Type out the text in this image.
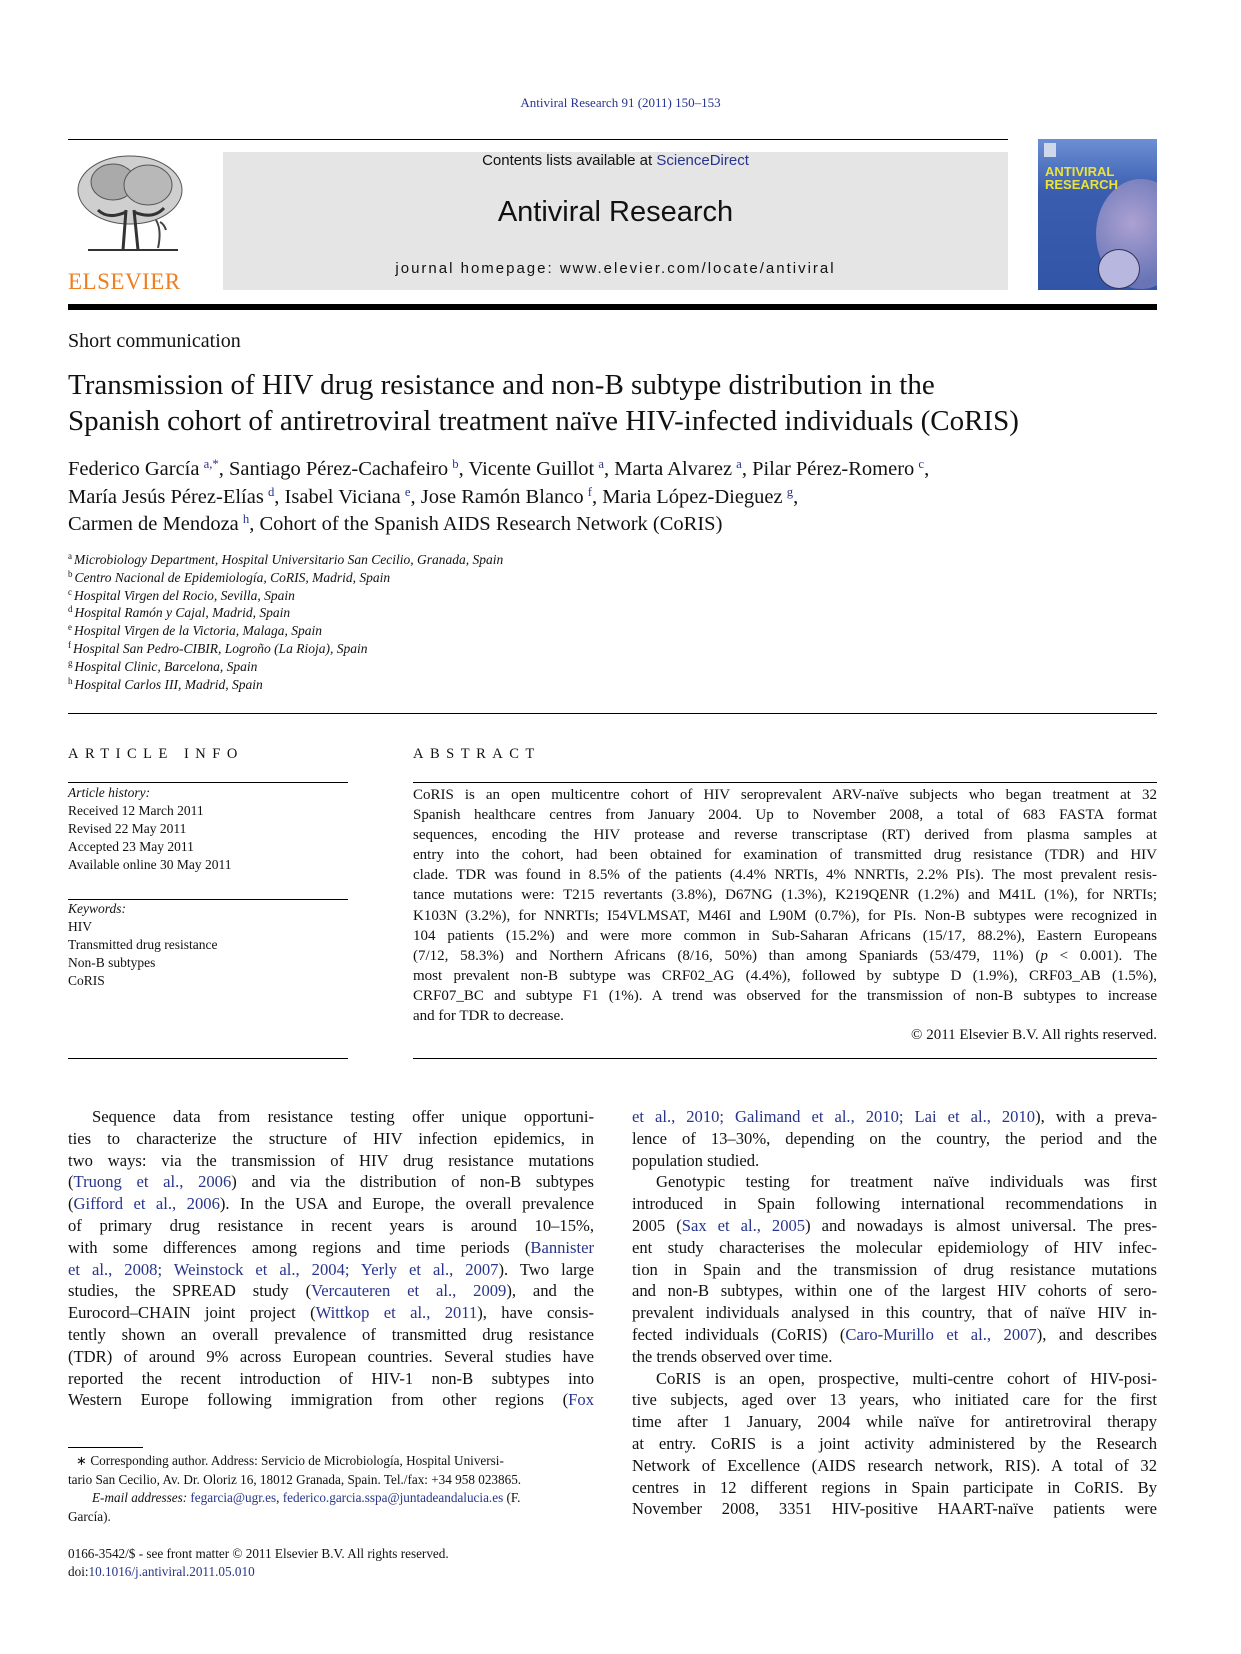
Antiviral Research 91 (2011) 150–153
ELSEVIER
Contents lists available at ScienceDirect
Antiviral Research
journal homepage: www.elevier.com/locate/antiviral
ANTIVIRAL
RESEARCH
Short communication
Transmission of HIV drug resistance and non-B subtype distribution in the
Spanish cohort of antiretroviral treatment naïve HIV-infected individuals (CoRIS)
Federico García  $^{a,*}$, Santiago Pérez-Cachafeiro  $^b$, Vicente Guillot  $^a$, Marta Alvarez  $^a$, Pilar Pérez-Romero  $^c$,
María Jesús Pérez-Elías  $^d$, Isabel Viciana  $^e$, Jose Ramón Blanco  $^f$, Maria López-Dieguez  $^g$,
Carmen de Mendoza  $^h$, Cohort of the Spanish AIDS Research Network (CoRIS)
$^a$ Microbiology Department, Hospital Universitario San Cecilio, Granada, Spain
$^b$ Centro Nacional de Epidemiología, CoRIS, Madrid, Spain
$^c$ Hospital Virgen del Rocio, Sevilla, Spain
$^d$ Hospital Ramón y Cajal, Madrid, Spain
$^e$ Hospital Virgen de la Victoria, Malaga, Spain
$^f$ Hospital San Pedro-CIBIR, Logroño (La Rioja), Spain
$^g$ Hospital Clinic, Barcelona, Spain
$^h$ Hospital Carlos III, Madrid, Spain
ARTICLE INFO
Article history:
Received 12 March 2011
Revised 22 May 2011
Accepted 23 May 2011
Available online 30 May 2011
Keywords:
HIV
Transmitted drug resistance
Non-B subtypes
CoRIS
ABSTRACT
CoRIS is an open multicentre cohort of HIV seroprevalent ARV-naïve subjects who began treatment at 32
Spanish healthcare centres from January 2004. Up to November 2008, a total of 683 FASTA format
sequences, encoding the HIV protease and reverse transcriptase (RT) derived from plasma samples at
entry into the cohort, had been obtained for examination of transmitted drug resistance (TDR) and HIV
clade. TDR was found in 8.5% of the patients (4.4% NRTIs, 4% NNRTIs, 2.2% PIs). The most prevalent resis-
tance mutations were: T215 revertants (3.8%), D67NG (1.3%), K219QENR (1.2%) and M41L (1%), for NRTIs;
K103N (3.2%), for NNRTIs; I54VLMSAT, M46I and L90M (0.7%), for PIs. Non-B subtypes were recognized in
104 patients (15.2%) and were more common in Sub-Saharan Africans (15/17, 88.2%), Eastern Europeans
(7/12, 58.3%) and Northern Africans (8/16, 50%) than among Spaniards (53/479, 11%) (p < 0.001). The
most prevalent non-B subtype was CRF02_AG (4.4%), followed by subtype D (1.9%), CRF03_AB (1.5%),
CRF07_BC and subtype F1 (1%). A trend was observed for the transmission of non-B subtypes to increase
and for TDR to decrease.
© 2011 Elsevier B.V. All rights reserved.
Sequence data from resistance testing offer unique opportuni-
ties to characterize the structure of HIV infection epidemics, in
two ways: via the transmission of HIV drug resistance mutations
(Truong et al., 2006) and via the distribution of non-B subtypes
(Gifford et al., 2006). In the USA and Europe, the overall prevalence
of primary drug resistance in recent years is around 10–15%,
with some differences among regions and time periods (Bannister
et al., 2008; Weinstock et al., 2004; Yerly et al., 2007). Two large
studies, the SPREAD study (Vercauteren et al., 2009), and the
Eurocord–CHAIN joint project (Wittkop et al., 2011), have consis-
tently shown an overall prevalence of transmitted drug resistance
(TDR) of around 9% across European countries. Several studies have
reported the recent introduction of HIV-1 non-B subtypes into
Western Europe following immigration from other regions (Fox
et al., 2010; Galimand et al., 2010; Lai et al., 2010), with a preva-
lence of 13–30%, depending on the country, the period and the
population studied.
Genotypic testing for treatment naïve individuals was first
introduced in Spain following international recommendations in
2005 (Sax et al., 2005) and nowadays is almost universal. The pres-
ent study characterises the molecular epidemiology of HIV infec-
tion in Spain and the transmission of drug resistance mutations
and non-B subtypes, within one of the largest HIV cohorts of sero-
prevalent individuals analysed in this country, that of naïve HIV in-
fected individuals (CoRIS) (Caro-Murillo et al., 2007), and describes
the trends observed over time.
CoRIS is an open, prospective, multi-centre cohort of HIV-posi-
tive subjects, aged over 13 years, who initiated care for the first
time after 1 January, 2004 while naïve for antiretroviral therapy
at entry. CoRIS is a joint activity administered by the Research
Network of Excellence (AIDS research network, RIS). A total of 32
centres in 12 different regions in Spain participate in CoRIS. By
November 2008, 3351 HIV-positive HAART-naïve patients were
∗ Corresponding author. Address: Servicio de Microbiología, Hospital Universi-
tario San Cecilio, Av. Dr. Oloriz 16, 18012 Granada, Spain. Tel./fax: +34 958 023865.
E-mail addresses: fegarcia@ugr.es, federico.garcia.sspa@juntadeandalucia.es (F.
García).
0166-3542/$ - see front matter © 2011 Elsevier B.V. All rights reserved.
doi:10.1016/j.antiviral.2011.05.010
